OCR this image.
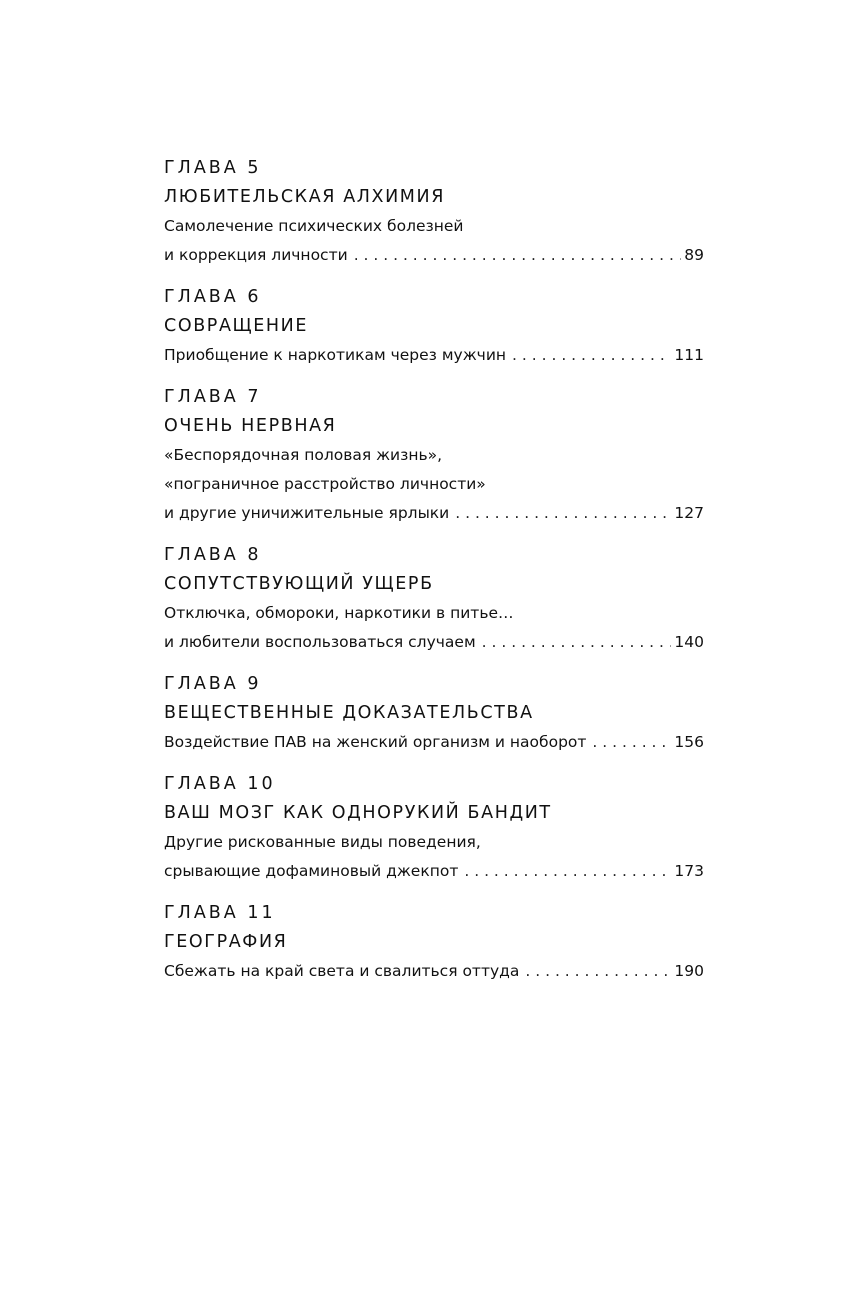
ГЛАВА 5
ЛЮБИТЕЛЬСКАЯ АЛХИМИЯ
Самолечение психических болезней
и коррекция личности . . .	89
ГЛАВА 6
СОВРАЩЕНИЕ
Приобщение к наркотикам через мужчин . . .	111
ГЛАВА 7
ОЧЕНЬ НЕРВНАЯ
«Беспорядочная половая жизнь»,
«пограничное расстройство личности»
и другие уничижительные ярлыки . . .	127
ГЛАВА 8
СОПУТСТВУЮЩИЙ УЩЕРБ
Отключка, обмороки, наркотики в питье…
и любители воспользоваться случаем . . .	140
ГЛАВА 9
ВЕЩЕСТВЕННЫЕ ДОКАЗАТЕЛЬСТВА
Воздействие ПАВ на женский организм и наоборот . . .	156
ГЛАВА 10
ВАШ МОЗГ КАК ОДНОРУКИЙ БАНДИТ
Другие рискованные виды поведения,
срывающие дофаминовый джекпот . . .	173
ГЛАВА 11
ГЕОГРАФИЯ
Сбежать на край света и свалиться оттуда . . .	190
